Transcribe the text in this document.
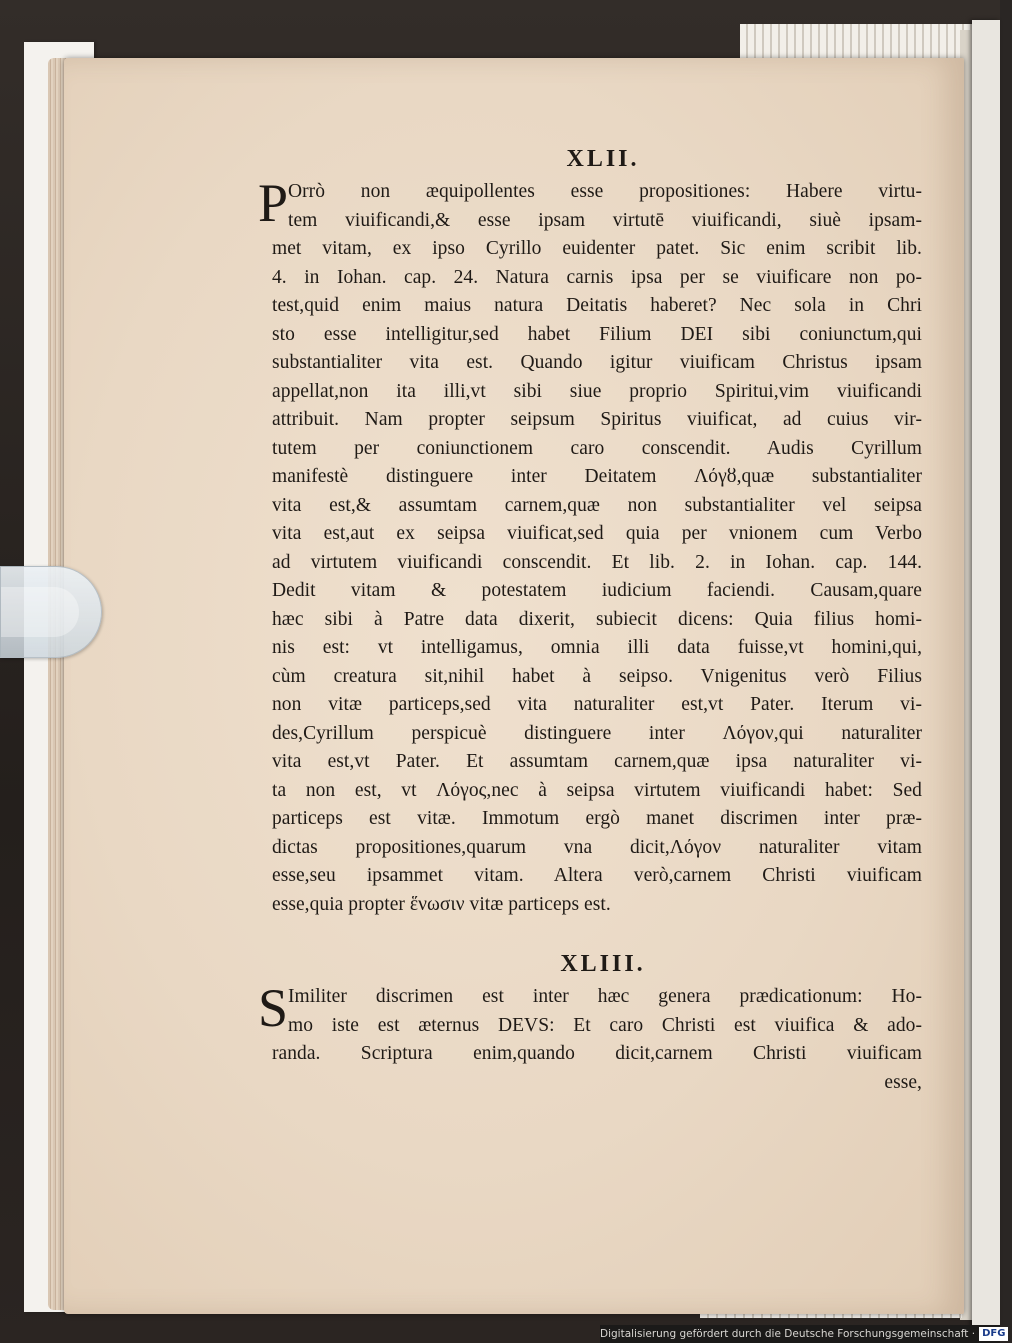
XLII.
P Orrò non æquipollentes esse propositiones: Habere virtu-
tem viuificandi,& esse ipsam virtutē viuificandi, siuè ipsam-
met vitam, ex ipso Cyrillo euidenter patet. Sic enim scribit lib.
4. in Iohan. cap. 24. Natura carnis ipsa per se viuificare non po-
test,quid enim maius natura Deitatis haberet? Nec sola in Chri
sto esse intelligitur,sed habet Filium DEI sibi coniunctum,qui
substantialiter vita est. Quando igitur viuificam Christus ipsam
appellat,non ita illi,vt sibi siue proprio Spiritui,vim viuificandi
attribuit. Nam propter seipsum Spiritus viuificat, ad cuius vir-
tutem per coniunctionem caro conscendit. Audis Cyrillum
manifestè distinguere inter Deitatem Λόγȣ,quæ substantialiter
vita est,& assumtam carnem,quæ non substantialiter vel seipsa
vita est,aut ex seipsa viuificat,sed quia per vnionem cum Verbo
ad virtutem viuificandi conscendit. Et lib. 2. in Iohan. cap. 144.
Dedit vitam & potestatem iudicium faciendi. Causam,quare
hæc sibi à Patre data dixerit, subiecit dicens: Quia filius homi-
nis est: vt intelligamus, omnia illi data fuisse,vt homini,qui,
cùm creatura sit,nihil habet à seipso. Vnigenitus verò Filius
non vitæ particeps,sed vita naturaliter est,vt Pater. Iterum vi-
des,Cyrillum perspicuè distinguere inter Λόγον,qui naturaliter
vita est,vt Pater. Et assumtam carnem,quæ ipsa naturaliter vi-
ta non est, vt Λόγος,nec à seipsa virtutem viuificandi habet: Sed
particeps est vitæ. Immotum ergò manet discrimen inter præ-
dictas propositiones,quarum vna dicit,Λόγον naturaliter vitam
esse,seu ipsammet vitam. Altera verò,carnem Christi viuificam
esse,quia propter ἕνωσιν vitæ particeps est.
XLIII.
S Imiliter discrimen est inter hæc genera prædicationum: Ho-
mo iste est æternus DEVS: Et caro Christi est viuifica & ado-
randa. Scriptura enim,quando dicit,carnem Christi viuificam
esse,
Digitalisierung gefördert durch die Deutsche Forschungsgemeinschaft · DFG
